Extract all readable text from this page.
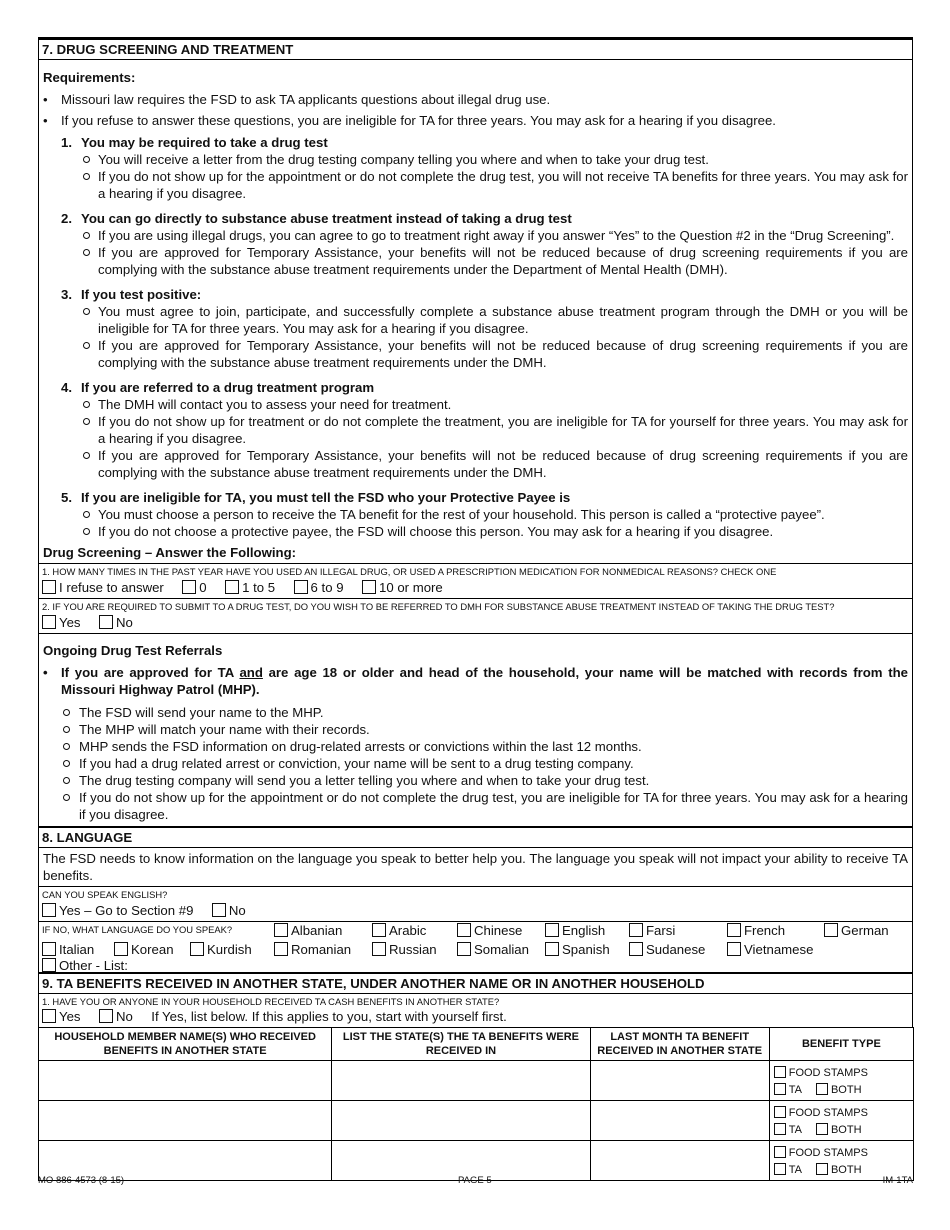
7. DRUG SCREENING AND TREATMENT
Requirements:
• Missouri law requires the FSD to ask TA applicants questions about illegal drug use.
• If you refuse to answer these questions, you are ineligible for TA for three years. You may ask for a hearing if you disagree.
1. You may be required to take a drug test
You will receive a letter from the drug testing company telling you where and when to take your drug test.
If you do not show up for the appointment or do not complete the drug test, you will not receive TA benefits for three years. You may ask for a hearing if you disagree.
2. You can go directly to substance abuse treatment instead of taking a drug test
If you are using illegal drugs, you can agree to go to treatment right away if you answer “Yes” to the Question #2 in the “Drug Screening”.
If you are approved for Temporary Assistance, your benefits will not be reduced because of drug screening requirements if you are complying with the substance abuse treatment requirements under the Department of Mental Health (DMH).
3. If you test positive:
You must agree to join, participate, and successfully complete a substance abuse treatment program through the DMH or you will be ineligible for TA for three years. You may ask for a hearing if you disagree.
If you are approved for Temporary Assistance, your benefits will not be reduced because of drug screening requirements if you are complying with the substance abuse treatment requirements under the DMH.
4. If you are referred to a drug treatment program
The DMH will contact you to assess your need for treatment.
If you do not show up for treatment or do not complete the treatment, you are ineligible for TA for yourself for three years. You may ask for a hearing if you disagree.
If you are approved for Temporary Assistance, your benefits will not be reduced because of drug screening requirements if you are complying with the substance abuse treatment requirements under the DMH.
5. If you are ineligible for TA, you must tell the FSD who your Protective Payee is
You must choose a person to receive the TA benefit for the rest of your household. This person is called a “protective payee”.
If you do not choose a protective payee, the FSD will choose this person. You may ask for a hearing if you disagree.
Drug Screening – Answer the Following:
1. HOW MANY TIMES IN THE PAST YEAR HAVE YOU USED AN ILLEGAL DRUG, OR USED A PRESCRIPTION MEDICATION FOR NONMEDICAL REASONS? CHECK ONE
I refuse to answer	0	1 to 5	6 to 9	10 or more
2. IF YOU ARE REQUIRED TO SUBMIT TO A DRUG TEST, DO YOU WISH TO BE REFERRED TO DMH FOR SUBSTANCE ABUSE TREATMENT INSTEAD OF TAKING THE DRUG TEST?
Yes	No
Ongoing Drug Test Referrals
• If you are approved for TA and are age 18 or older and head of the household, your name will be matched with records from the Missouri Highway Patrol (MHP).
The FSD will send your name to the MHP.
The MHP will match your name with their records.
MHP sends the FSD information on drug-related arrests or convictions within the last 12 months.
If you had a drug related arrest or conviction, your name will be sent to a drug testing company.
The drug testing company will send you a letter telling you where and when to take your drug test.
If you do not show up for the appointment or do not complete the drug test, you are ineligible for TA for three years. You may ask for a hearing if you disagree.
8. LANGUAGE
The FSD needs to know information on the language you speak to better help you. The language you speak will not impact your ability to receive TA benefits.
CAN YOU SPEAK ENGLISH?
Yes – Go to Section #9	No
IF NO, WHAT LANGUAGE DO YOU SPEAK?	Albanian	Arabic	Chinese	English	Farsi	French	German
Italian	Korean	Kurdish	Romanian	Russian	Somalian	Spanish	Sudanese	Vietnamese
Other - List:
9. TA BENEFITS RECEIVED IN ANOTHER STATE, UNDER ANOTHER NAME OR IN ANOTHER HOUSEHOLD
1. HAVE YOU OR ANYONE IN YOUR HOUSEHOLD RECEIVED TA CASH BENEFITS IN ANOTHER STATE?
Yes	No If Yes, list below. If this applies to you, start with yourself first.
HOUSEHOLD MEMBER NAME(S) WHO RECEIVED BENEFITS IN ANOTHER STATE	LIST THE STATE(S) THE TA BENEFITS WERE RECEIVED IN	LAST MONTH TA BENEFIT RECEIVED IN ANOTHER STATE	BENEFIT TYPE

			FOOD STAMPS
TA BOTH

			FOOD STAMPS
TA BOTH

			FOOD STAMPS
TA BOTH
MO 886-4573 (8-15)	PAGE 5	IM-1TA
